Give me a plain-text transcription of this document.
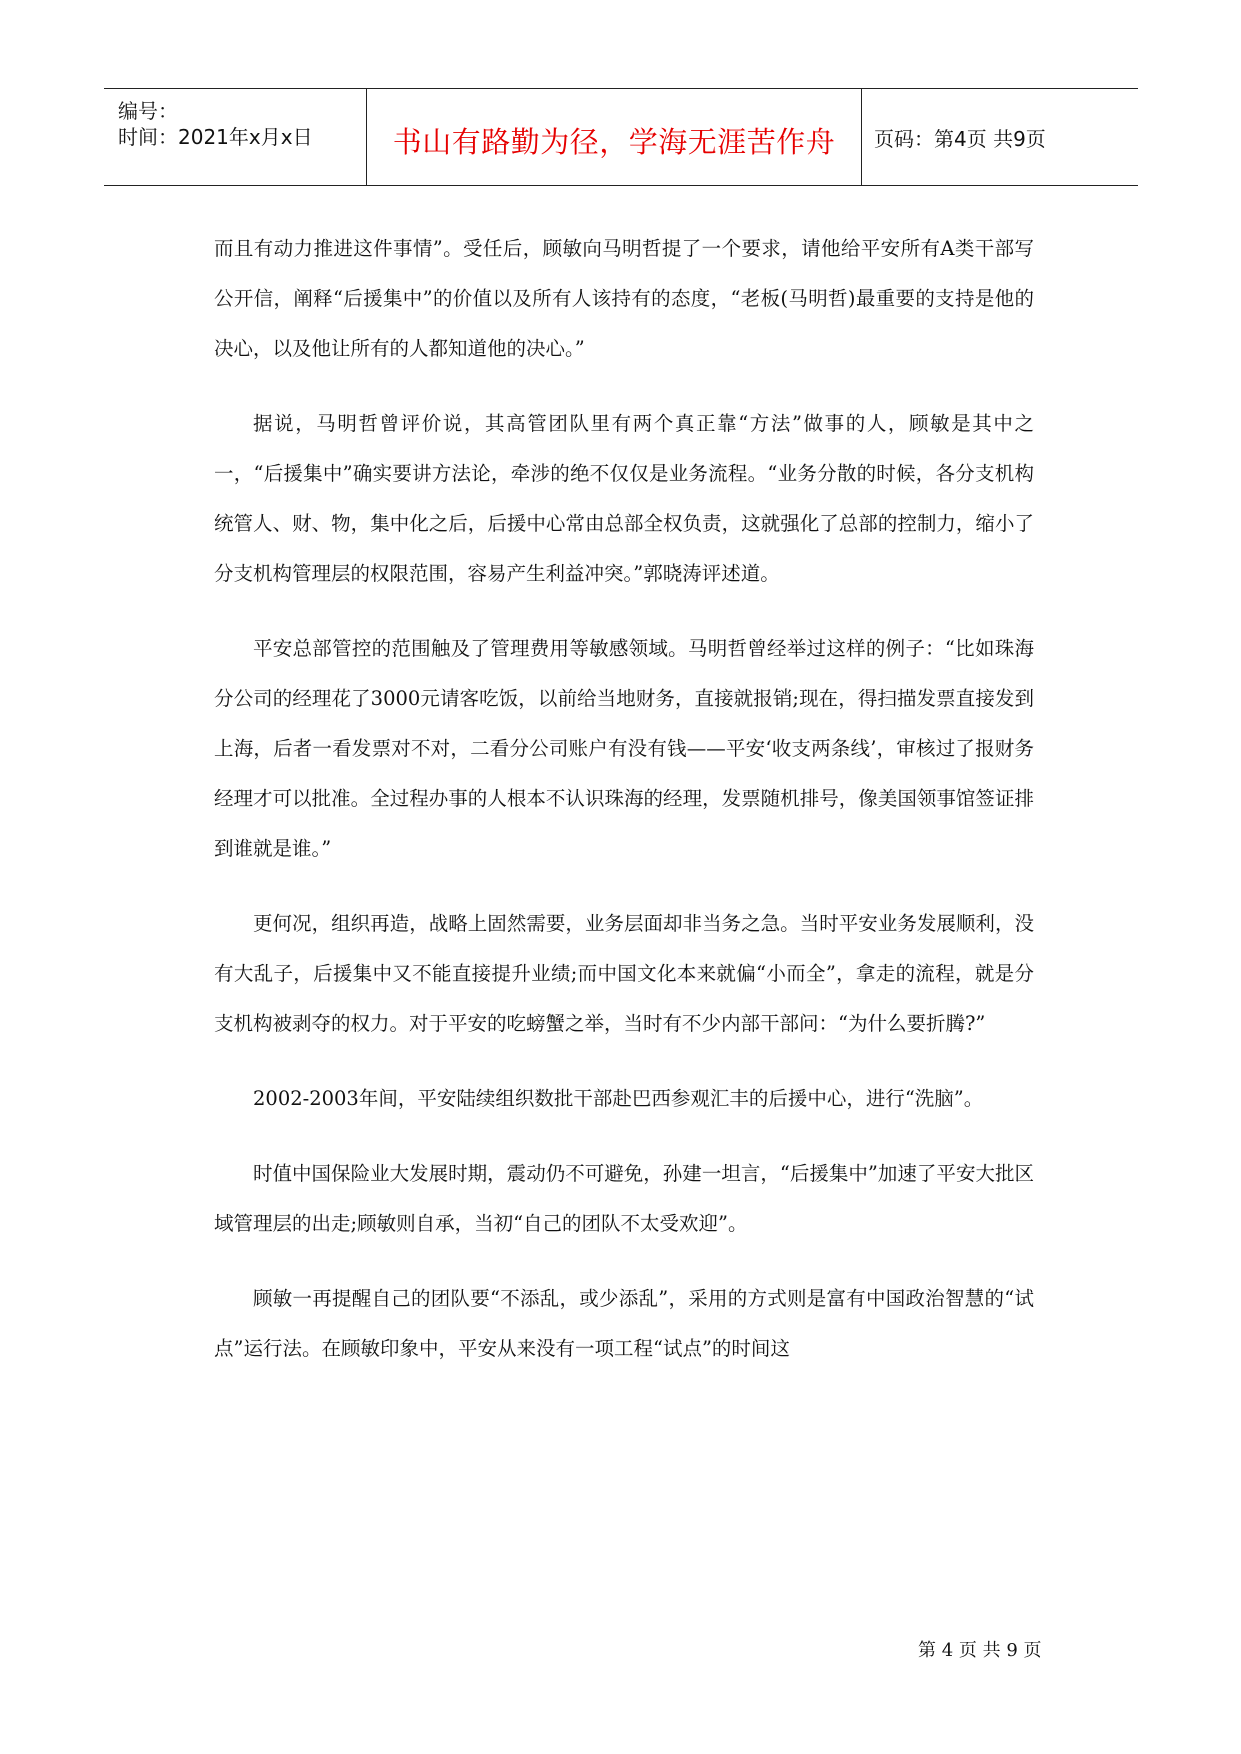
编号：
时间：2021年x月x日	书山有路勤为径，学海无涯苦作舟	页码：第4页 共9页

而且有动力推进这件事情”。受任后，顾敏向马明哲提了一个要求，请他给平安所有A类干部写公开信，阐释“后援集中”的价值以及所有人该持有的态度，“老板(马明哲)最重要的支持是他的决心，以及他让所有的人都知道他的决心。”

据说，马明哲曾评价说，其高管团队里有两个真正靠“方法”做事的人，顾敏是其中之一，“后援集中”确实要讲方法论，牵涉的绝不仅仅是业务流程。“业务分散的时候，各分支机构统管人、财、物，集中化之后，后援中心常由总部全权负责，这就强化了总部的控制力，缩小了分支机构管理层的权限范围，容易产生利益冲突。”郭晓涛评述道。

平安总部管控的范围触及了管理费用等敏感领域。马明哲曾经举过这样的例子：“比如珠海分公司的经理花了3000元请客吃饭，以前给当地财务，直接就报销;现在，得扫描发票直接发到上海，后者一看发票对不对，二看分公司账户有没有钱——平安‘收支两条线’，审核过了报财务经理才可以批准。全过程办事的人根本不认识珠海的经理，发票随机排号，像美国领事馆签证排到谁就是谁。”

更何况，组织再造，战略上固然需要，业务层面却非当务之急。当时平安业务发展顺利，没有大乱子，后援集中又不能直接提升业绩;而中国文化本来就偏“小而全”，拿走的流程，就是分支机构被剥夺的权力。对于平安的吃螃蟹之举，当时有不少内部干部问：“为什么要折腾?”

2002-2003年间，平安陆续组织数批干部赴巴西参观汇丰的后援中心，进行“洗脑”。

时值中国保险业大发展时期，震动仍不可避免，孙建一坦言，“后援集中”加速了平安大批区域管理层的出走;顾敏则自承，当初“自己的团队不太受欢迎”。

顾敏一再提醒自己的团队要“不添乱，或少添乱”，采用的方式则是富有中国政治智慧的“试点”运行法。在顾敏印象中，平安从来没有一项工程“试点”的时间这

第 4 页 共 9 页
